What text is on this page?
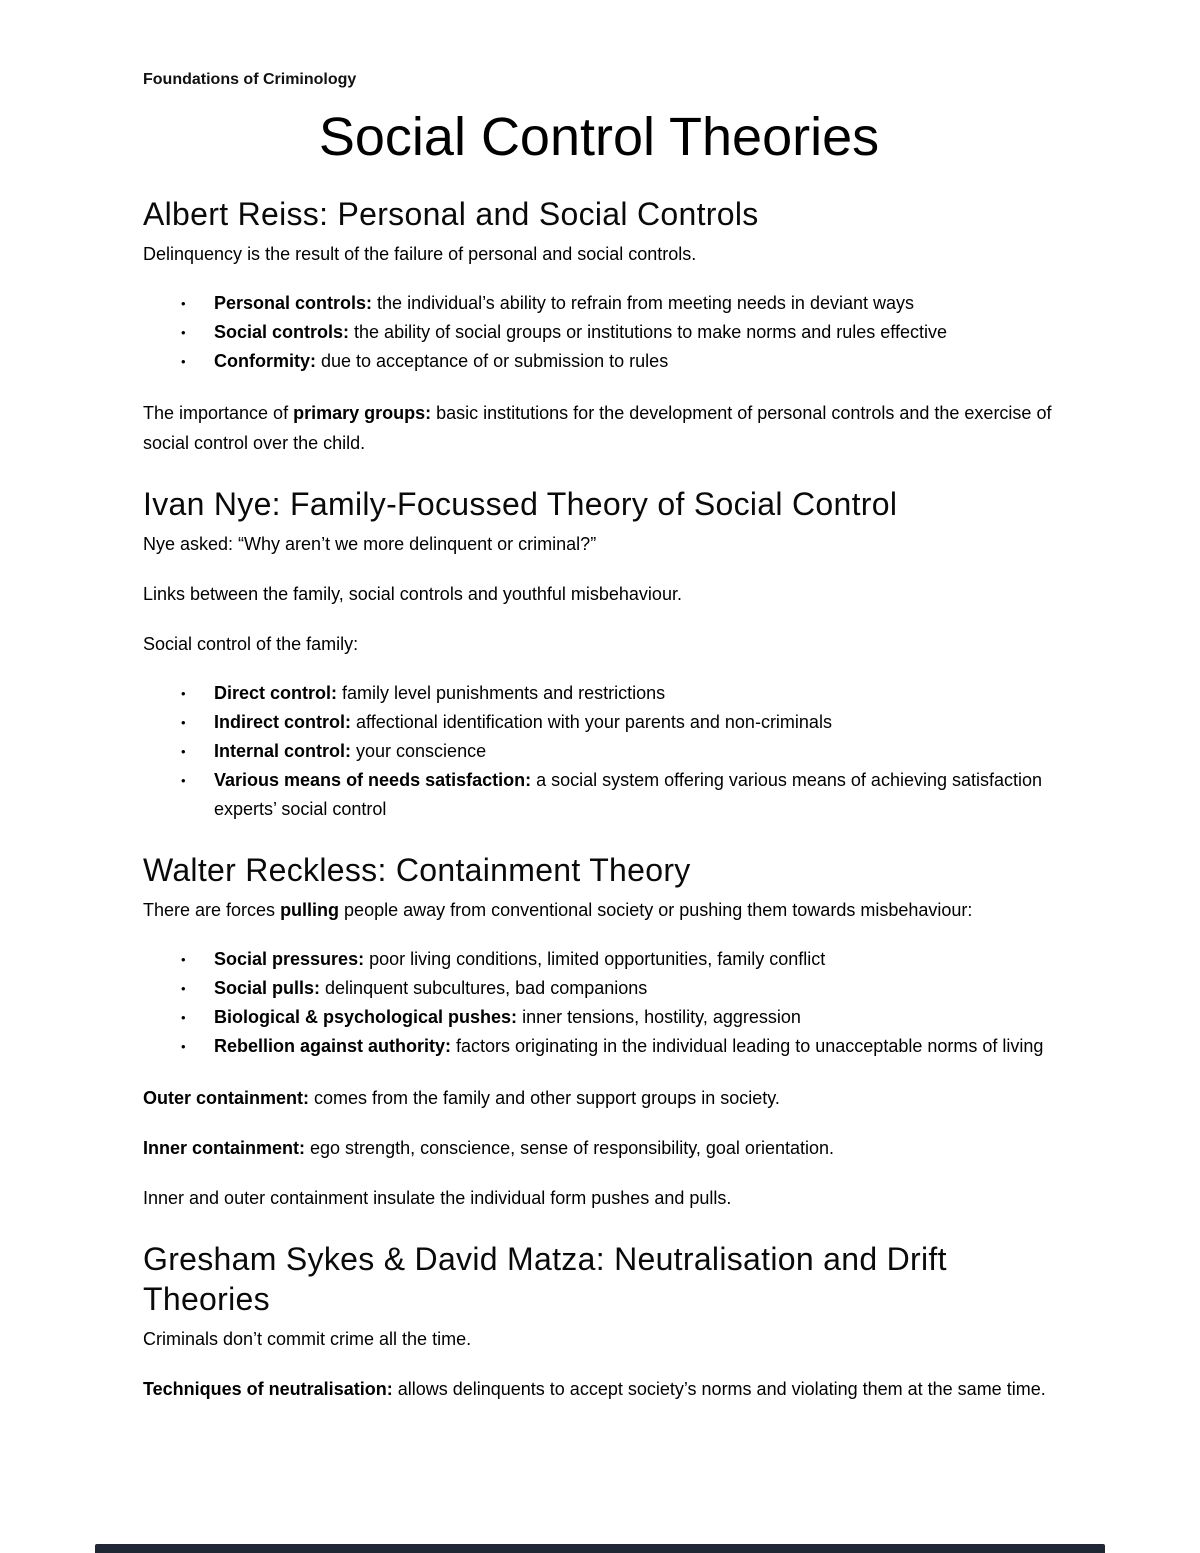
Foundations of Criminology

Social Control Theories
Albert Reiss: Personal and Social Controls

Delinquency is the result of the failure of personal and social controls.

•	Personal controls: the individual’s ability to refrain from meeting needs in deviant ways
•	Social controls: the ability of social groups or institutions to make norms and rules effective
•	Conformity: due to acceptance of or submission to rules

The importance of primary groups: basic institutions for the development of personal controls and the exercise of social control over the child.

Ivan Nye: Family-Focussed Theory of Social Control

Nye asked: “Why aren’t we more delinquent or criminal?”

Links between the family, social controls and youthful misbehaviour.

Social control of the family:

•	Direct control: family level punishments and restrictions
•	Indirect control: affectional identification with your parents and non-criminals
•	Internal control: your conscience
•	Various means of needs satisfaction: a social system offering various means of achieving satisfaction experts’ social control
Walter Reckless: Containment Theory

There are forces pulling people away from conventional society or pushing them towards misbehaviour:

•	Social pressures: poor living conditions, limited opportunities, family conflict
•	Social pulls: delinquent subcultures, bad companions
•	Biological & psychological pushes: inner tensions, hostility, aggression
•	Rebellion against authority: factors originating in the individual leading to unacceptable norms of living

Outer containment: comes from the family and other support groups in society.

Inner containment: ego strength, conscience, sense of responsibility, goal orientation.

Inner and outer containment insulate the individual form pushes and pulls.

Gresham Sykes & David Matza: Neutralisation and Drift Theories

Criminals don’t commit crime all the time.

Techniques of neutralisation: allows delinquents to accept society’s norms and violating them at the same time.
